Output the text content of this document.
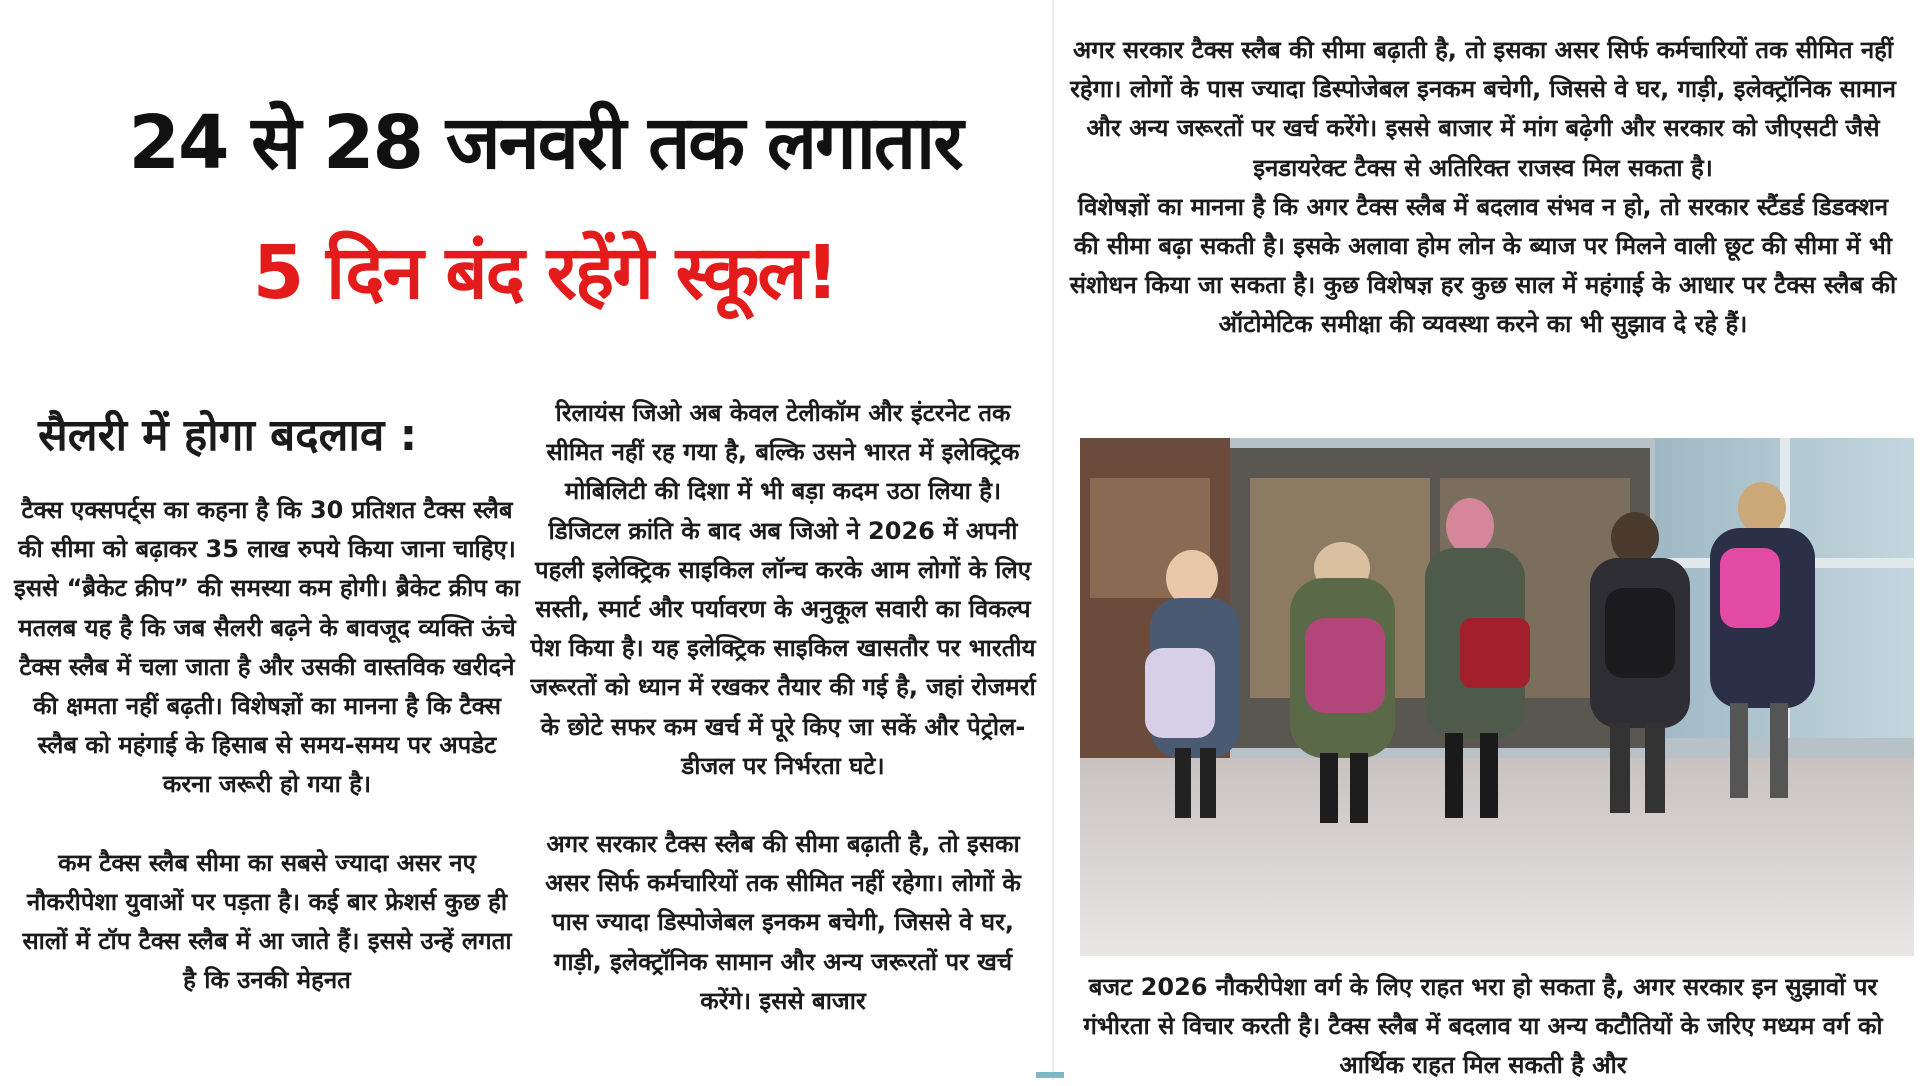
24 से 28 जनवरी तक लगातार
5 दिन बंद रहेंगे स्कूल!
सैलरी में होगा बदलाव :

टैक्स एक्सपर्ट्स का कहना है कि 30 प्रतिशत टैक्स स्लैब की सीमा को बढ़ाकर 35 लाख रुपये किया जाना चाहिए। इससे “ब्रैकेट क्रीप” की समस्या कम होगी। ब्रैकेट क्रीप का मतलब यह है कि जब सैलरी बढ़ने के बावजूद व्यक्ति ऊंचे टैक्स स्लैब में चला जाता है और उसकी वास्तविक खरीदने की क्षमता नहीं बढ़ती। विशेषज्ञों का मानना है कि टैक्स स्लैब को महंगाई के हिसाब से समय-समय पर अपडेट करना जरूरी हो गया है।

कम टैक्स स्लैब सीमा का सबसे ज्यादा असर नए नौकरीपेशा युवाओं पर पड़ता है। कई बार फ्रेशर्स कुछ ही सालों में टॉप टैक्स स्लैब में आ जाते हैं। इससे उन्हें लगता है कि उनकी मेहनत

रिलायंस जिओ अब केवल टेलीकॉम और इंटरनेट तक सीमित नहीं रह गया है, बल्कि उसने भारत में इलेक्ट्रिक मोबिलिटी की दिशा में भी बड़ा कदम उठा लिया है। डिजिटल क्रांति के बाद अब जिओ ने 2026 में अपनी पहली इलेक्ट्रिक साइकिल लॉन्च करके आम लोगों के लिए सस्ती, स्मार्ट और पर्यावरण के अनुकूल सवारी का विकल्प पेश किया है। यह इलेक्ट्रिक साइकिल खासतौर पर भारतीय जरूरतों को ध्यान में रखकर तैयार की गई है, जहां रोजमर्रा के छोटे सफर कम खर्च में पूरे किए जा सकें और पेट्रोल-डीजल पर निर्भरता घटे।

अगर सरकार टैक्स स्लैब की सीमा बढ़ाती है, तो इसका असर सिर्फ कर्मचारियों तक सीमित नहीं रहेगा। लोगों के पास ज्यादा डिस्पोजेबल इनकम बचेगी, जिससे वे घर, गाड़ी, इलेक्ट्रॉनिक सामान और अन्य जरूरतों पर खर्च करेंगे। इससे बाजार

अगर सरकार टैक्स स्लैब की सीमा बढ़ाती है, तो इसका असर सिर्फ कर्मचारियों तक सीमित नहीं रहेगा। लोगों के पास ज्यादा डिस्पोजेबल इनकम बचेगी, जिससे वे घर, गाड़ी, इलेक्ट्रॉनिक सामान और अन्य जरूरतों पर खर्च करेंगे। इससे बाजार में मांग बढ़ेगी और सरकार को जीएसटी जैसे इनडायरेक्ट टैक्स से अतिरिक्त राजस्व मिल सकता है।

विशेषज्ञों का मानना है कि अगर टैक्स स्लैब में बदलाव संभव न हो, तो सरकार स्टैंडर्ड डिडक्शन की सीमा बढ़ा सकती है। इसके अलावा होम लोन के ब्याज पर मिलने वाली छूट की सीमा में भी संशोधन किया जा सकता है। कुछ विशेषज्ञ हर कुछ साल में महंगाई के आधार पर टैक्स स्लैब की ऑटोमेटिक समीक्षा की व्यवस्था करने का भी सुझाव दे रहे हैं।

बजट 2026 नौकरीपेशा वर्ग के लिए राहत भरा हो सकता है, अगर सरकार इन सुझावों पर गंभीरता से विचार करती है। टैक्स स्लैब में बदलाव या अन्य कटौतियों के जरिए मध्यम वर्ग को आर्थिक राहत मिल सकती है और
